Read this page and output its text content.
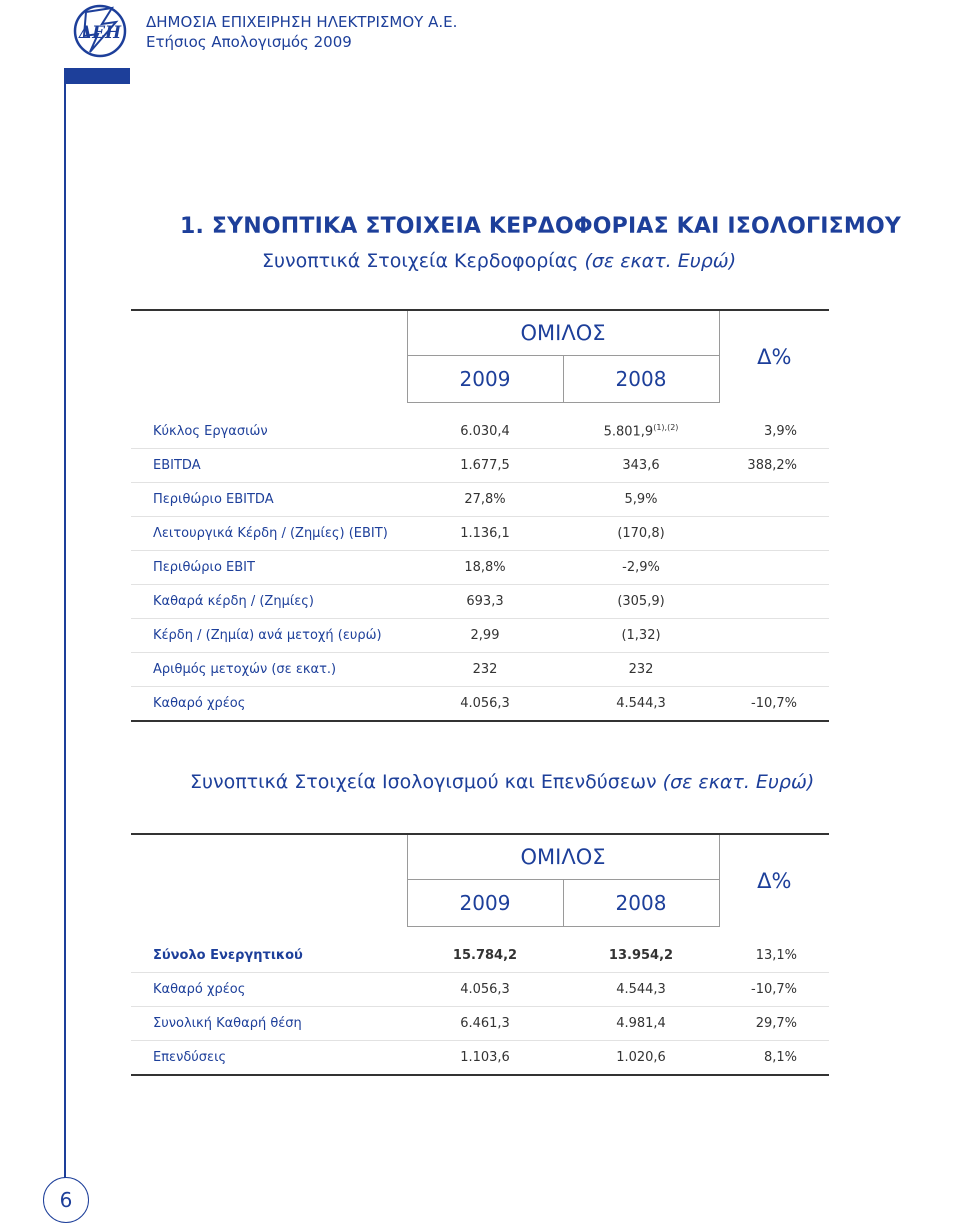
ΔΕΗ
ΔΗΜΟΣΙΑ ΕΠΙΧΕΙΡΗΣΗ ΗΛΕΚΤΡΙΣΜΟΥ Α.Ε.
Ετήσιος Απολογισμός 2009
1. ΣΥΝΟΠΤΙΚΑ ΣΤΟΙΧΕΙΑ ΚΕΡΔΟΦΟΡΙΑΣ ΚΑΙ ΙΣΟΛΟΓΙΣΜΟΥ
Συνοπτικά Στοιχεία Κερδοφορίας (σε εκατ. Ευρώ)
	ΟΜΙΛΟΣ		Δ%
	2009	2008	

Κύκλος Εργασιών	6.030,4	$5.801,9^{(1),(2)}$	3,9%
EBITDA	1.677,5	343,6	388,2%
Περιθώριο EBITDA	27,8%	5,9%	
Λειτουργικά Κέρδη / (Ζημίες) (EBIT)	1.136,1	(170,8)	
Περιθώριο EBIT	18,8%	-2,9%	
Καθαρά κέρδη / (Ζημίες)	693,3	(305,9)	
Κέρδη / (Ζημία) ανά μετοχή (ευρώ)	2,99	(1,32)	
Αριθμός μετοχών (σε εκατ.)	232	232	
Καθαρό χρέος	4.056,3	4.544,3	-10,7%
Συνοπτικά Στοιχεία Ισολογισμού και Επενδύσεων (σε εκατ. Ευρώ)
	ΟΜΙΛΟΣ		Δ%
	2009	2008	

Σύνολο Ενεργητικού	15.784,2	13.954,2	13,1%
Καθαρό χρέος	4.056,3	4.544,3	-10,7%
Συνολική Καθαρή θέση	6.461,3	4.981,4	29,7%
Επενδύσεις	1.103,6	1.020,6	8,1%
6
